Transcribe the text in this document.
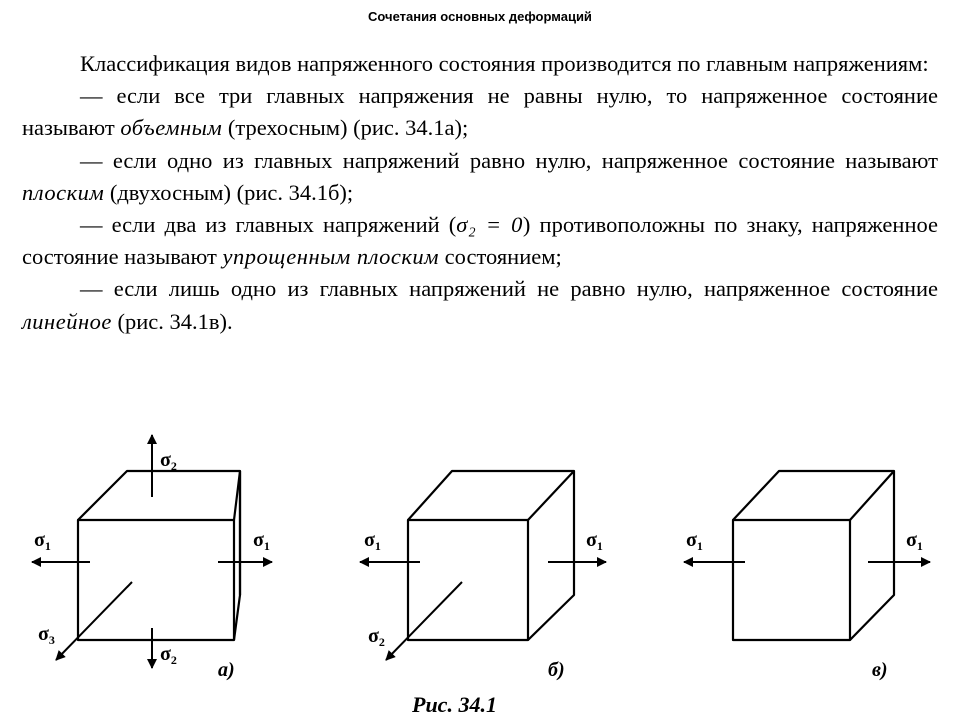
Сочетания основных деформаций

Классификация видов напряженного состояния производится по главным напряжениям:

— если все три главных напряжения не равны нулю, то напряженное состояние называют объемным (трехосным) (рис. 34.1а);

— если одно из главных напряжений равно нулю, напряженное состояние называют плоским (двухосным) (рис. 34.1б);

— если два из главных напряжений (σ₂ = 0) противоположны по знаку, напряженное состояние называют упрощенным плоским состоянием;

— если лишь одно из главных напряжений не равно нулю, напряженное состояние линейное (рис. 34.1в).

$\sigma_2$
$\sigma_2$
$\sigma_1$	$\sigma_1$
$\sigma_3$
а)
$\sigma_1$	$\sigma_1$
$\sigma_2$
б)
$\sigma_1$	$\sigma_1$
в)
Рис. 34.1
